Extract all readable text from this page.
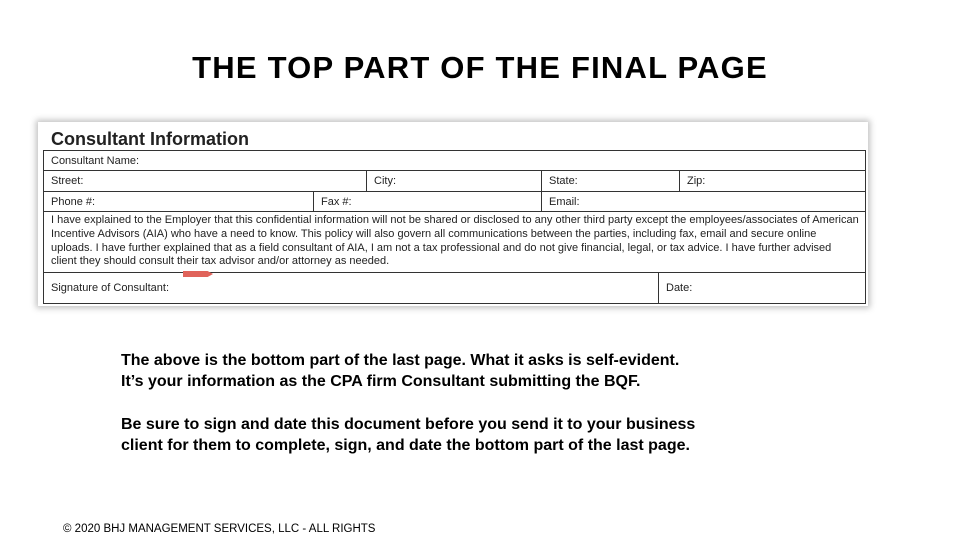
THE TOP PART OF THE FINAL PAGE
Consultant Information
Consultant Name:
Street:	City:	State:	Zip:
Phone #:	Fax #:	Email:
I have explained to the Employer that this confidential information will not be shared or disclosed to any other third party except the employees/associates of American Incentive Advisors (AIA) who have a need to know. This policy will also govern all communications between the parties, including fax, email and secure online uploads. I have further explained that as a field consultant of AIA, I am not a tax professional and do not give financial, legal, or tax advice. I have further advised client they should consult their tax advisor and/or attorney as needed.
Signature of Consultant:	Date:
The above is the bottom part of the last page. What it asks is self-evident.
It’s your information as the CPA firm Consultant submitting the BQF.
Be sure to sign and date this document before you send it to your business
client for them to complete, sign, and date the bottom part of the last page.
© 2020 BHJ MANAGEMENT SERVICES, LLC - ALL RIGHTS
